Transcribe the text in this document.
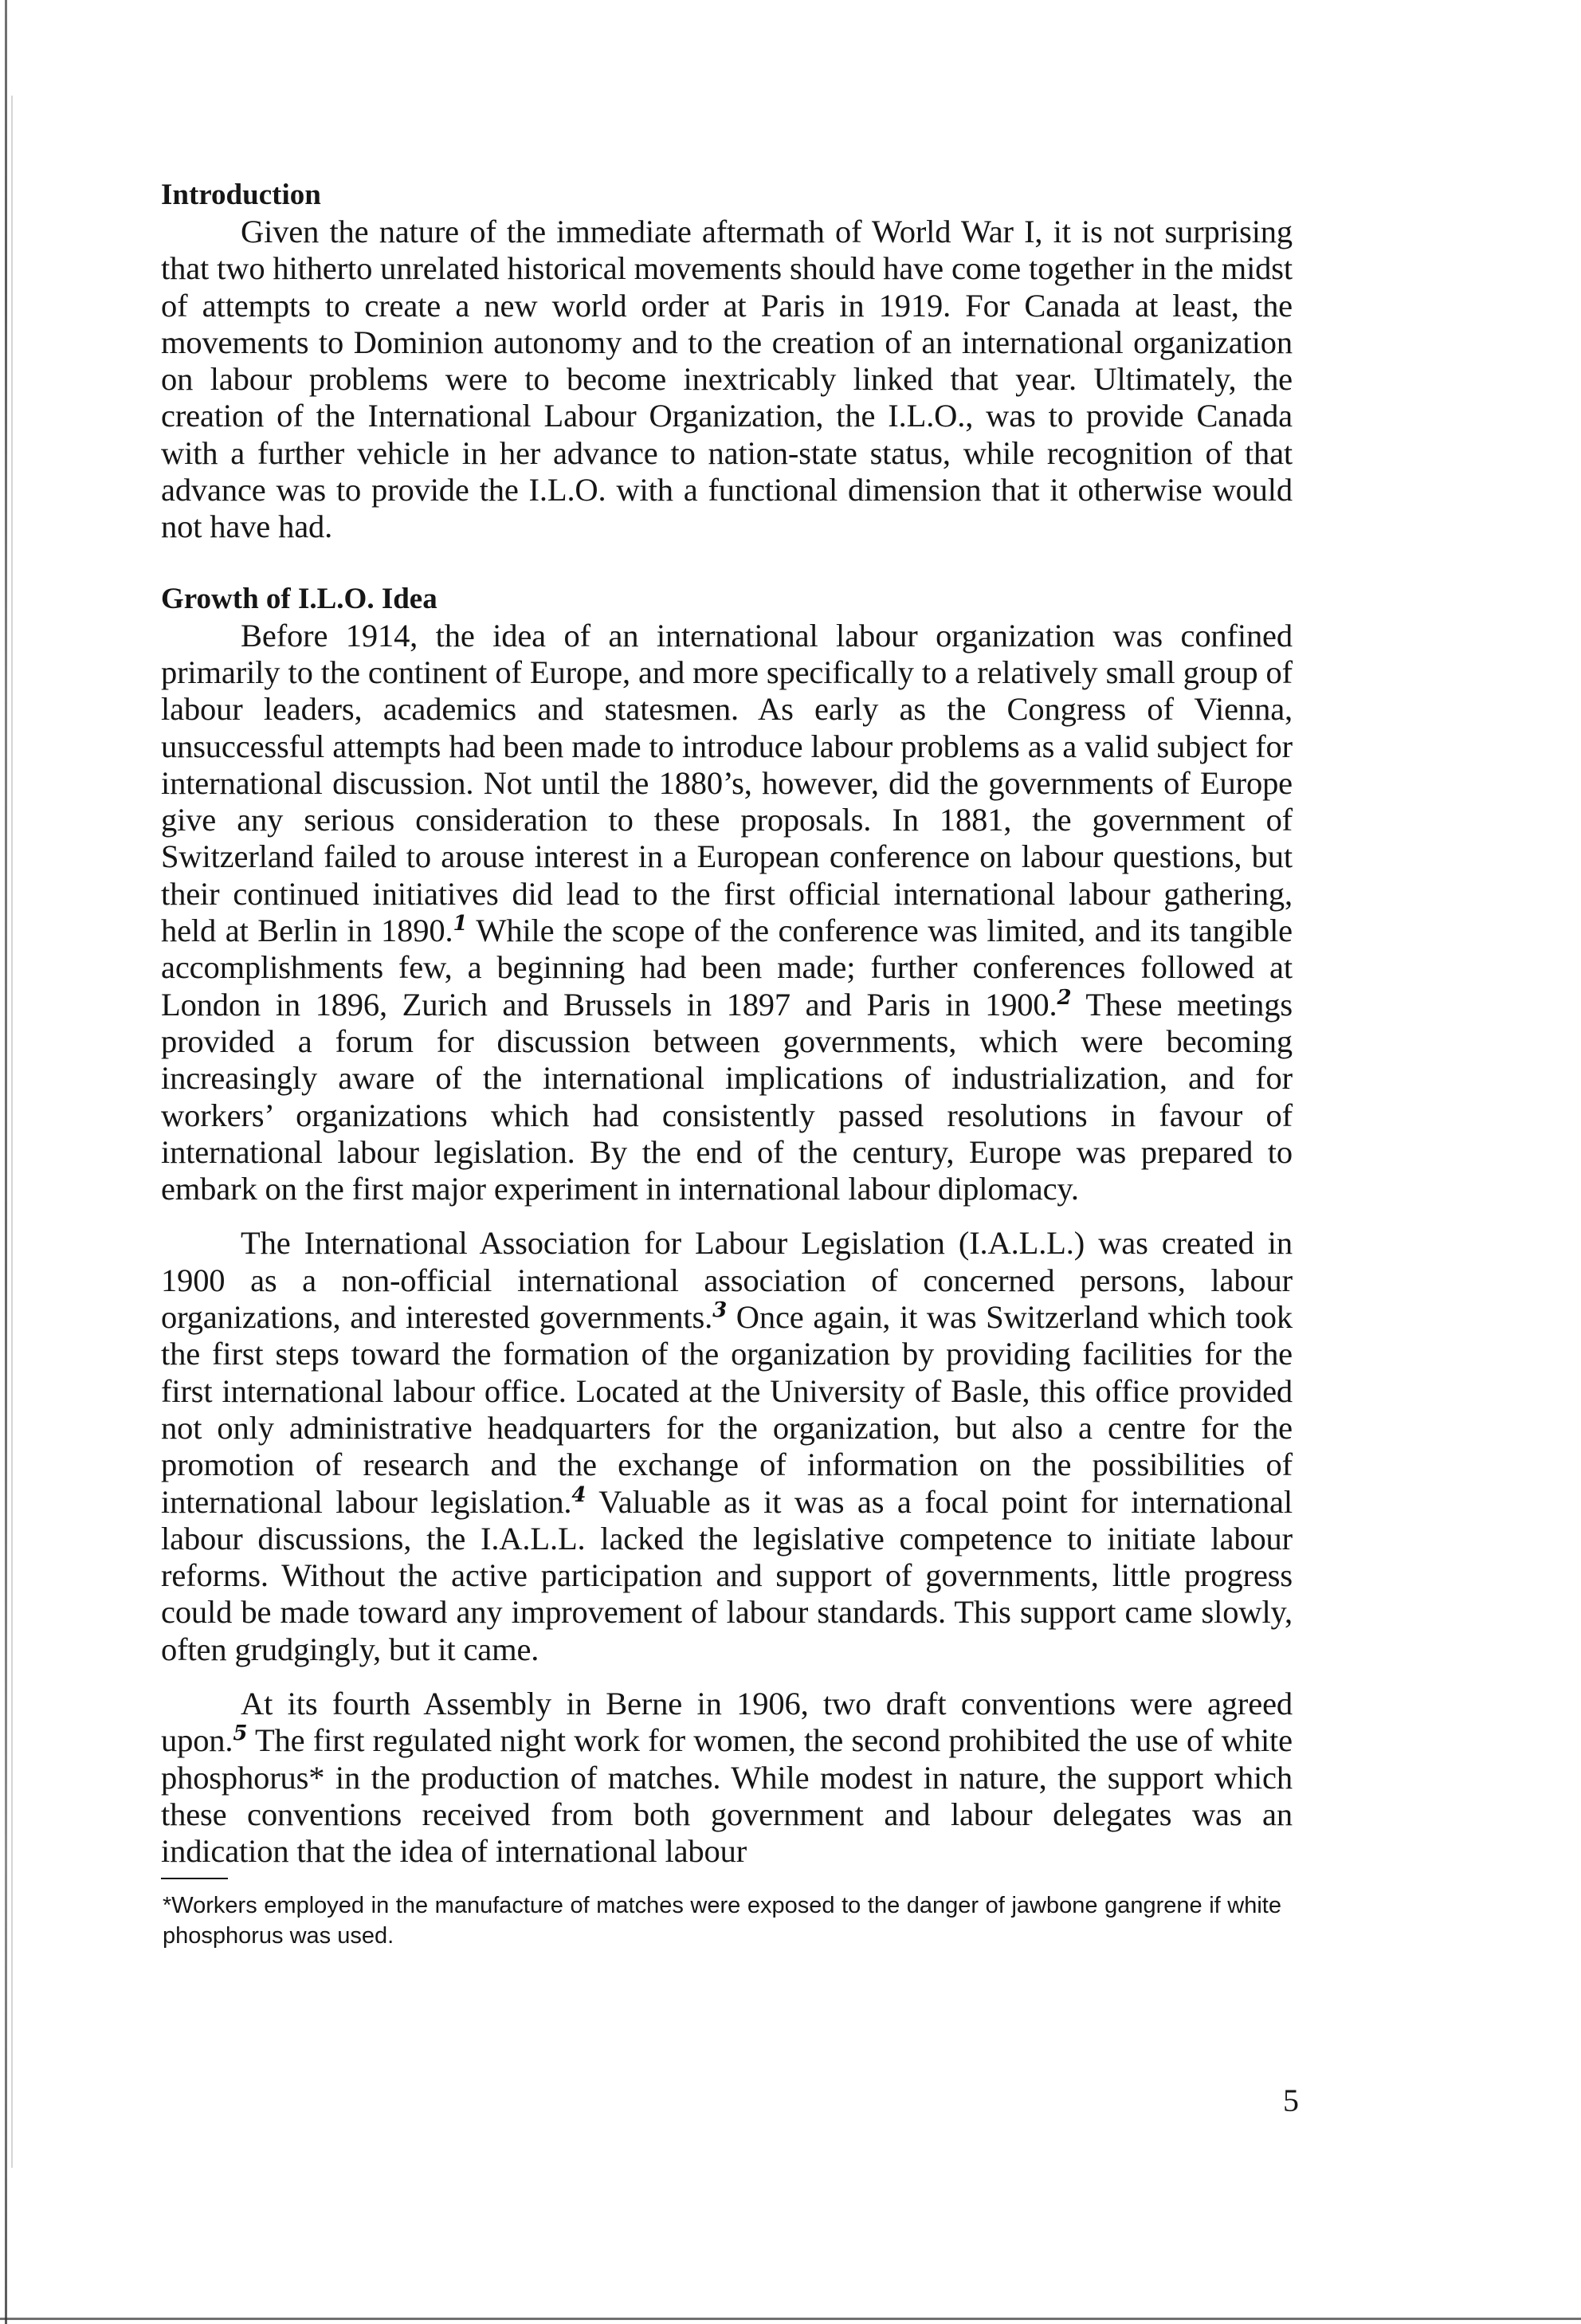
Introduction

Given the nature of the immediate aftermath of World War I, it is not surprising that two hitherto unrelated historical movements should have come together in the midst of attempts to create a new world order at Paris in 1919. For Canada at least, the movements to Dominion autonomy and to the creation of an international organization on labour problems were to become inextricably linked that year. Ultimately, the creation of the International Labour Organization, the I.L.O., was to provide Canada with a further vehicle in her advance to nation-state status, while recognition of that advance was to provide the I.L.O. with a functional dimension that it otherwise would not have had.

Growth of I.L.O. Idea

Before 1914, the idea of an international labour organization was confined primarily to the continent of Europe, and more specifically to a relatively small group of labour leaders, academics and statesmen. As early as the Congress of Vienna, unsuccessful attempts had been made to introduce labour problems as a valid subject for international discussion. Not until the 1880’s, however, did the governments of Europe give any serious consideration to these proposals. In 1881, the government of Switzerland failed to arouse interest in a European conference on labour questions, but their continued initiatives did lead to the first official international labour gathering, held at Berlin in 1890.$^1$ While the scope of the conference was limited, and its tangible accomplishments few, a beginning had been made; further conferences followed at London in 1896, Zurich and Brussels in 1897 and Paris in 1900.$^2$ These meetings provided a forum for discussion between governments, which were becoming increasingly aware of the international implications of industrialization, and for workers’ organizations which had consistently passed resolutions in favour of international labour legislation. By the end of the century, Europe was prepared to embark on the first major experiment in international labour diplomacy.

The International Association for Labour Legislation (I.A.L.L.) was created in 1900 as a non-official international association of concerned persons, labour organizations, and interested governments.$^3$ Once again, it was Switzerland which took the first steps toward the formation of the organization by providing facilities for the first international labour office. Located at the University of Basle, this office provided not only administrative headquarters for the organization, but also a centre for the promotion of research and the exchange of information on the possibilities of international labour legislation.$^4$ Valuable as it was as a focal point for international labour discussions, the I.A.L.L. lacked the legislative competence to initiate labour reforms. Without the active participation and support of governments, little progress could be made toward any improvement of labour standards. This support came slowly, often grudgingly, but it came.

At its fourth Assembly in Berne in 1906, two draft conventions were agreed upon.$^5$ The first regulated night work for women, the second prohibited the use of white phosphorus* in the production of matches. While modest in nature, the support which these conventions received from both government and labour delegates was an indication that the idea of international labour

*Workers employed in the manufacture of matches were exposed to the danger of jawbone gangrene if white phosphorus was used.

5
